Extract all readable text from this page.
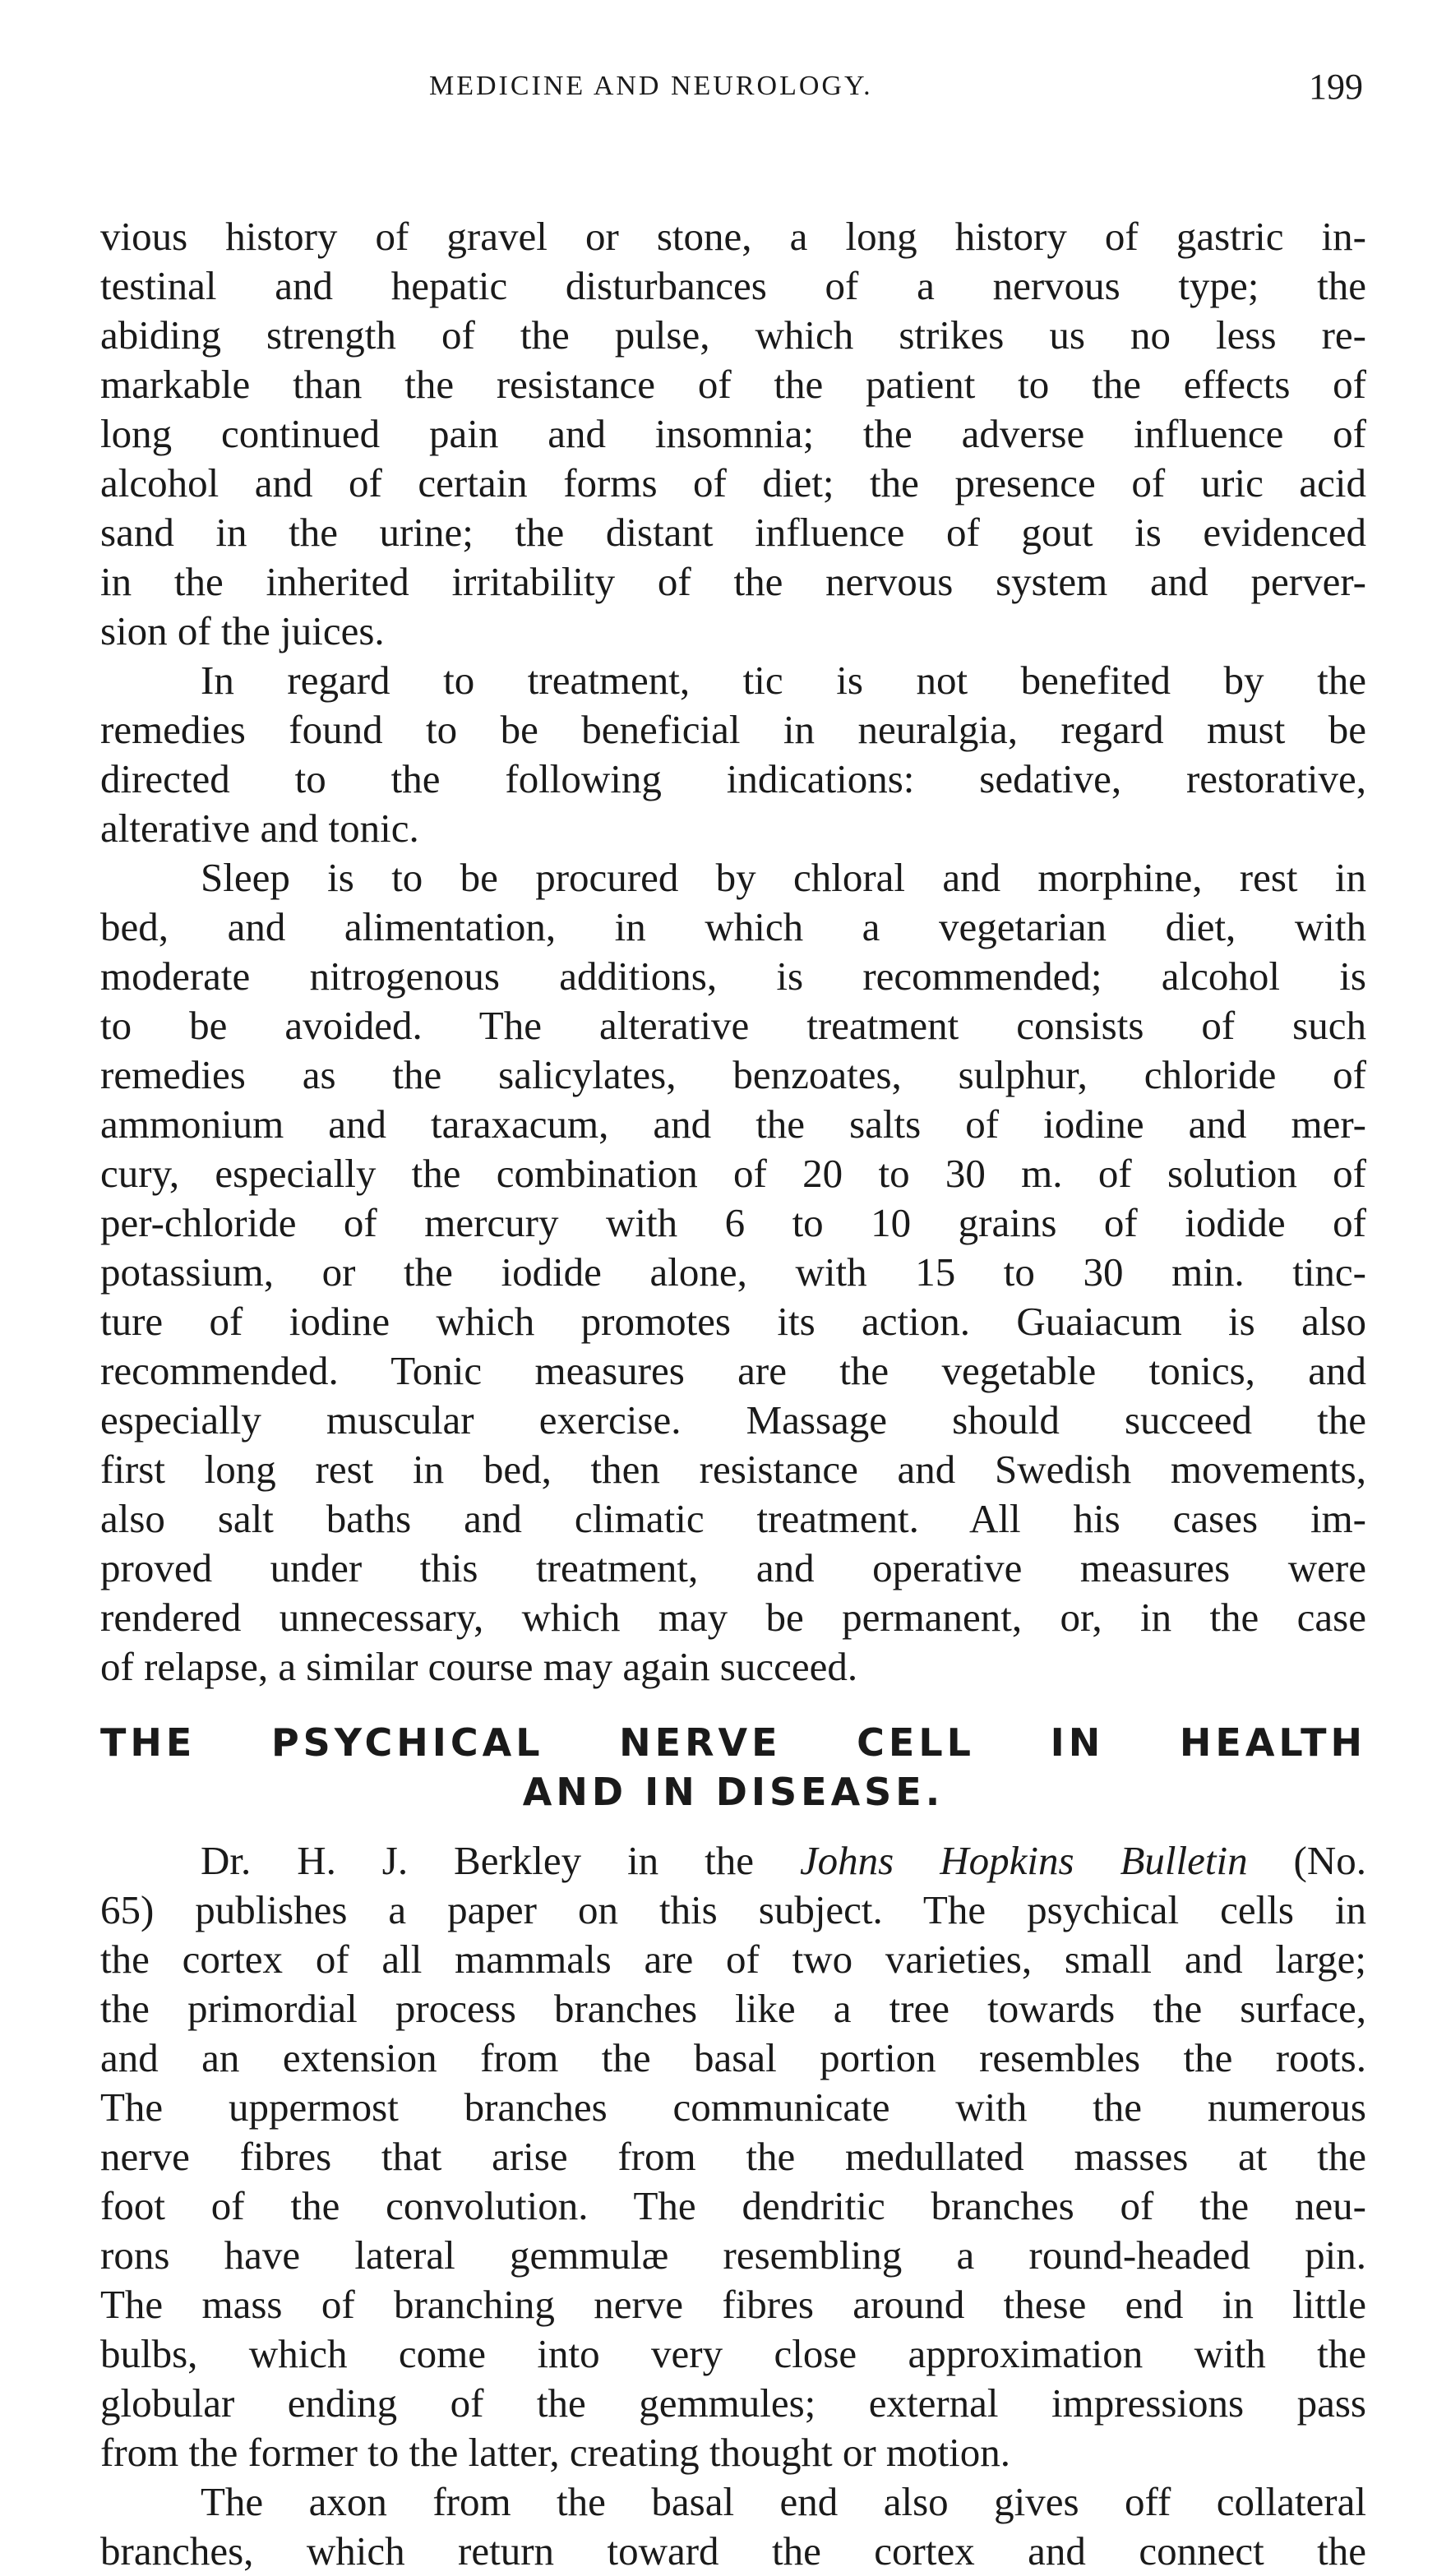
MEDICINE AND NEUROLOGY.	199
vious history of gravel or stone, a long history of gastric in-
testinal and hepatic disturbances of a nervous type; the
abiding strength of the pulse, which strikes us no less re-
markable than the resistance of the patient to the effects of
long continued pain and insomnia; the adverse influence of
alcohol and of certain forms of diet; the presence of uric acid
sand in the urine; the distant influence of gout is evidenced
in the inherited irritability of the nervous system and perver-
sion of the juices.
In regard to treatment, tic is not benefited by the
remedies found to be beneficial in neuralgia, regard must be
directed to the following indications: sedative, restorative,
alterative and tonic.
Sleep is to be procured by chloral and morphine, rest in
bed, and alimentation, in which a vegetarian diet, with
moderate nitrogenous additions, is recommended; alcohol is
to be avoided. The alterative treatment consists of such
remedies as the salicylates, benzoates, sulphur, chloride of
ammonium and taraxacum, and the salts of iodine and mer-
cury, especially the combination of 20 to 30 m. of solution of
per-chloride of mercury with 6 to 10 grains of iodide of
potassium, or the iodide alone, with 15 to 30 min. tinc-
ture of iodine which promotes its action. Guaiacum is also
recommended. Tonic measures are the vegetable tonics, and
especially muscular exercise. Massage should succeed the
first long rest in bed, then resistance and Swedish movements,
also salt baths and climatic treatment. All his cases im-
proved under this treatment, and operative measures were
rendered unnecessary, which may be permanent, or, in the case
of relapse, a similar course may again succeed.
THE PSYCHICAL NERVE CELL IN HEALTH
AND IN DISEASE.
Dr. H. J. Berkley in the Johns Hopkins Bulletin (No.
65) publishes a paper on this subject. The psychical cells in
the cortex of all mammals are of two varieties, small and large;
the primordial process branches like a tree towards the surface,
and an extension from the basal portion resembles the roots.
The uppermost branches communicate with the numerous
nerve fibres that arise from the medullated masses at the
foot of the convolution. The dendritic branches of the neu-
rons have lateral gemmulæ resembling a round-headed pin.
The mass of branching nerve fibres around these end in little
bulbs, which come into very close approximation with the
globular ending of the gemmules; external impressions pass
from the former to the latter, creating thought or motion.
The axon from the basal end also gives off collateral
branches, which return toward the cortex and connect the
